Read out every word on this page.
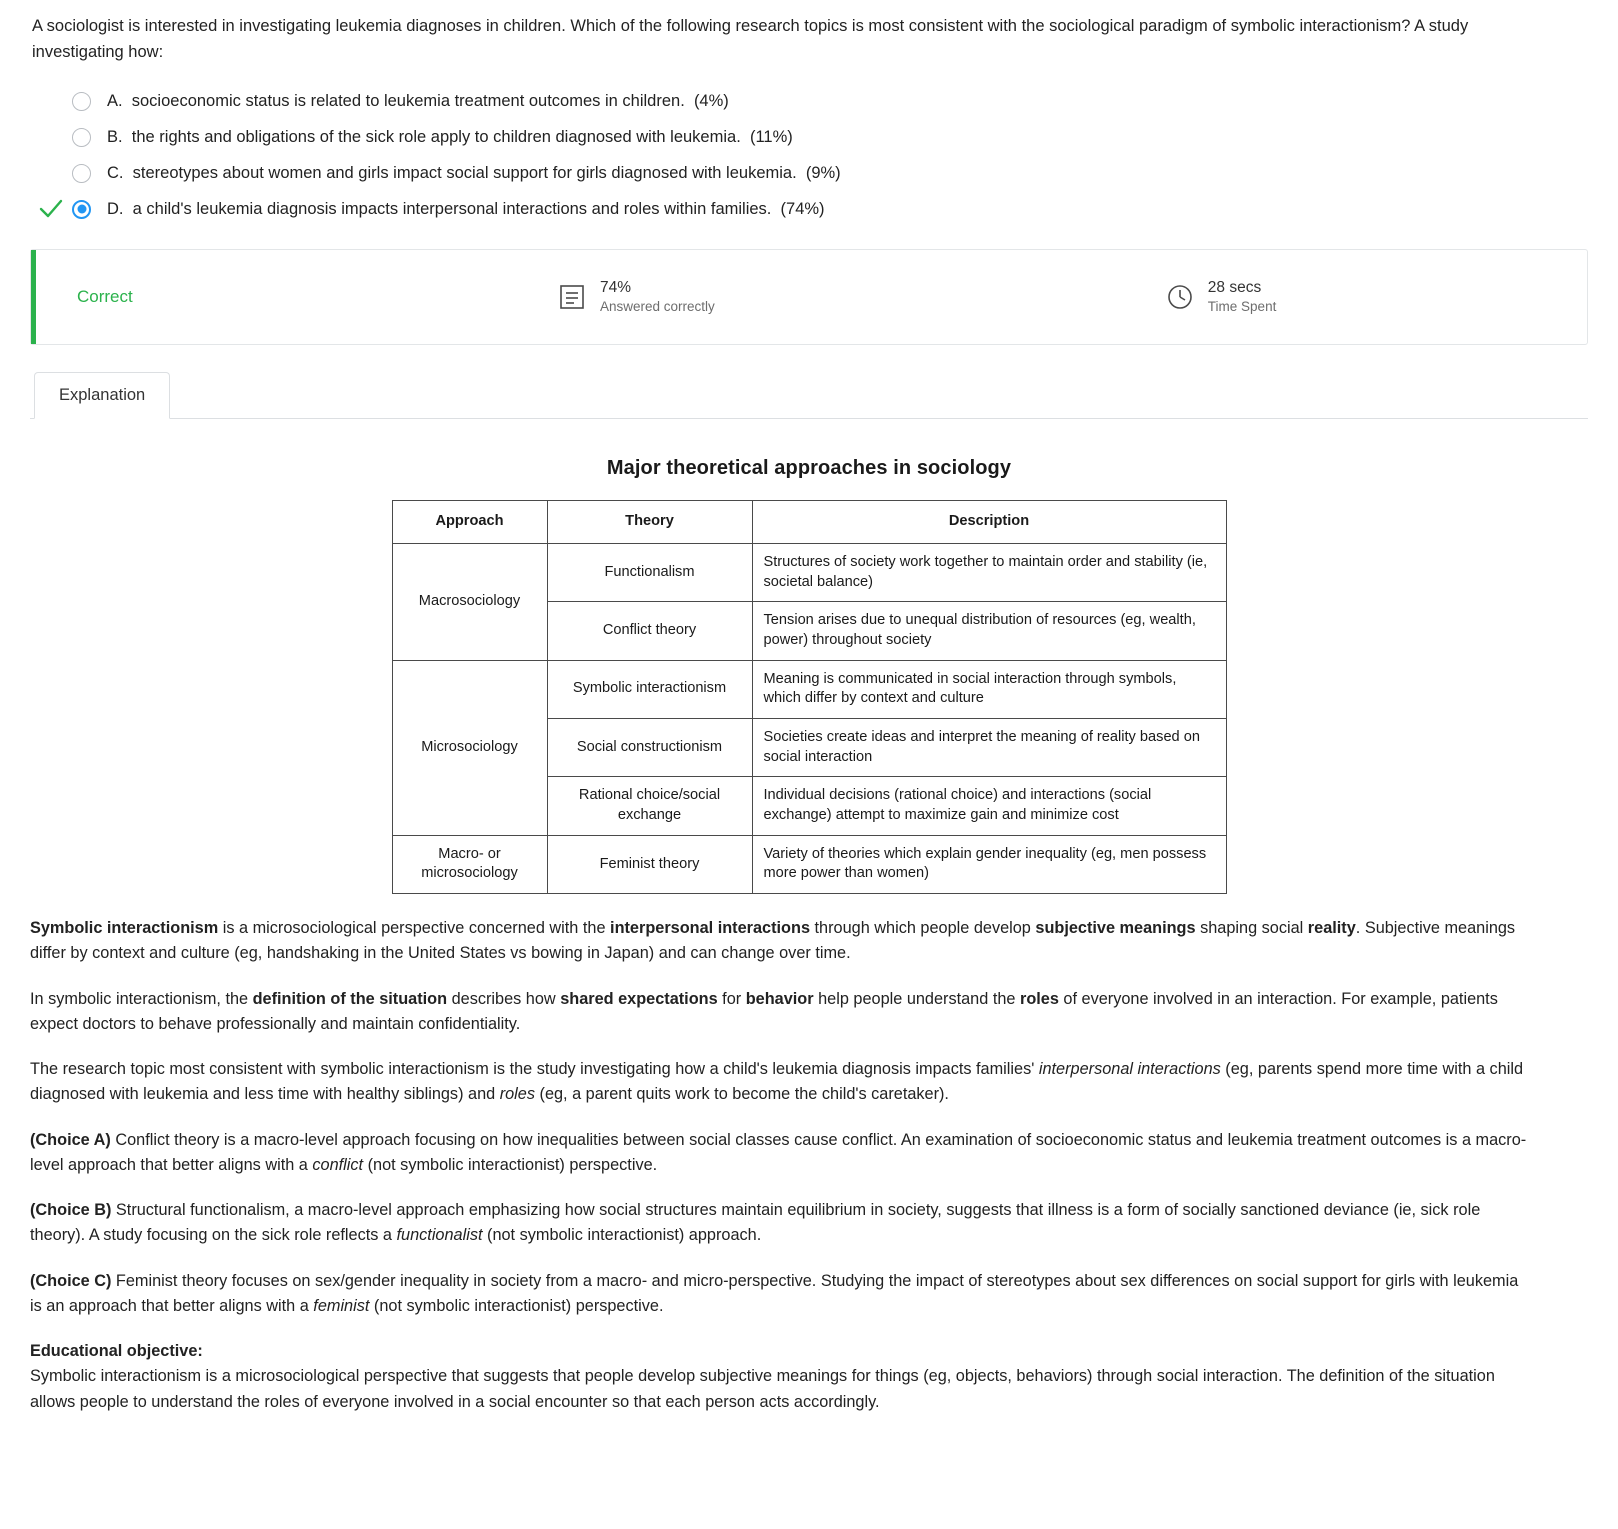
A sociologist is interested in investigating leukemia diagnoses in children. Which of the following research topics is most consistent with the sociological paradigm of symbolic interactionism? A study investigating how:
A.  socioeconomic status is related to leukemia treatment outcomes in children.  (4%)
B.  the rights and obligations of the sick role apply to children diagnosed with leukemia.  (11%)
C.  stereotypes about women and girls impact social support for girls diagnosed with leukemia.  (9%)
D.  a child's leukemia diagnosis impacts interpersonal interactions and roles within families.  (74%)
Correct	74%
Answered correctly
28 secs
Time Spent
Explanation
Major theoretical approaches in sociology
Approach	Theory	Description
Macrosociology	Functionalism	Structures of society work together to maintain order and stability (ie, societal balance)
	Conflict theory	Tension arises due to unequal distribution of resources (eg, wealth, power) throughout society
Microsociology	Symbolic interactionism	Meaning is communicated in social interaction through symbols, which differ by context and culture
	Social constructionism	Societies create ideas and interpret the meaning of reality based on social interaction
	Rational choice/social exchange	Individual decisions (rational choice) and interactions (social exchange) attempt to maximize gain and minimize cost
Macro- or microsociology	Feminist theory	Variety of theories which explain gender inequality (eg, men possess more power than women)

Symbolic interactionism is a microsociological perspective concerned with the interpersonal interactions through which people develop subjective meanings shaping social reality. Subjective meanings differ by context and culture (eg, handshaking in the United States vs bowing in Japan) and can change over time.

In symbolic interactionism, the definition of the situation describes how shared expectations for behavior help people understand the roles of everyone involved in an interaction. For example, patients expect doctors to behave professionally and maintain confidentiality.

The research topic most consistent with symbolic interactionism is the study investigating how a child's leukemia diagnosis impacts families' interpersonal interactions (eg, parents spend more time with a child diagnosed with leukemia and less time with healthy siblings) and roles (eg, a parent quits work to become the child's caretaker).

(Choice A) Conflict theory is a macro-level approach focusing on how inequalities between social classes cause conflict. An examination of socioeconomic status and leukemia treatment outcomes is a macro-level approach that better aligns with a conflict (not symbolic interactionist) perspective.

(Choice B) Structural functionalism, a macro-level approach emphasizing how social structures maintain equilibrium in society, suggests that illness is a form of socially sanctioned deviance (ie, sick role theory). A study focusing on the sick role reflects a functionalist (not symbolic interactionist) approach.

(Choice C) Feminist theory focuses on sex/gender inequality in society from a macro- and micro-perspective. Studying the impact of stereotypes about sex differences on social support for girls with leukemia is an approach that better aligns with a feminist (not symbolic interactionist) perspective.

Educational objective:

Symbolic interactionism is a microsociological perspective that suggests that people develop subjective meanings for things (eg, objects, behaviors) through social interaction. The definition of the situation allows people to understand the roles of everyone involved in a social encounter so that each person acts accordingly.
